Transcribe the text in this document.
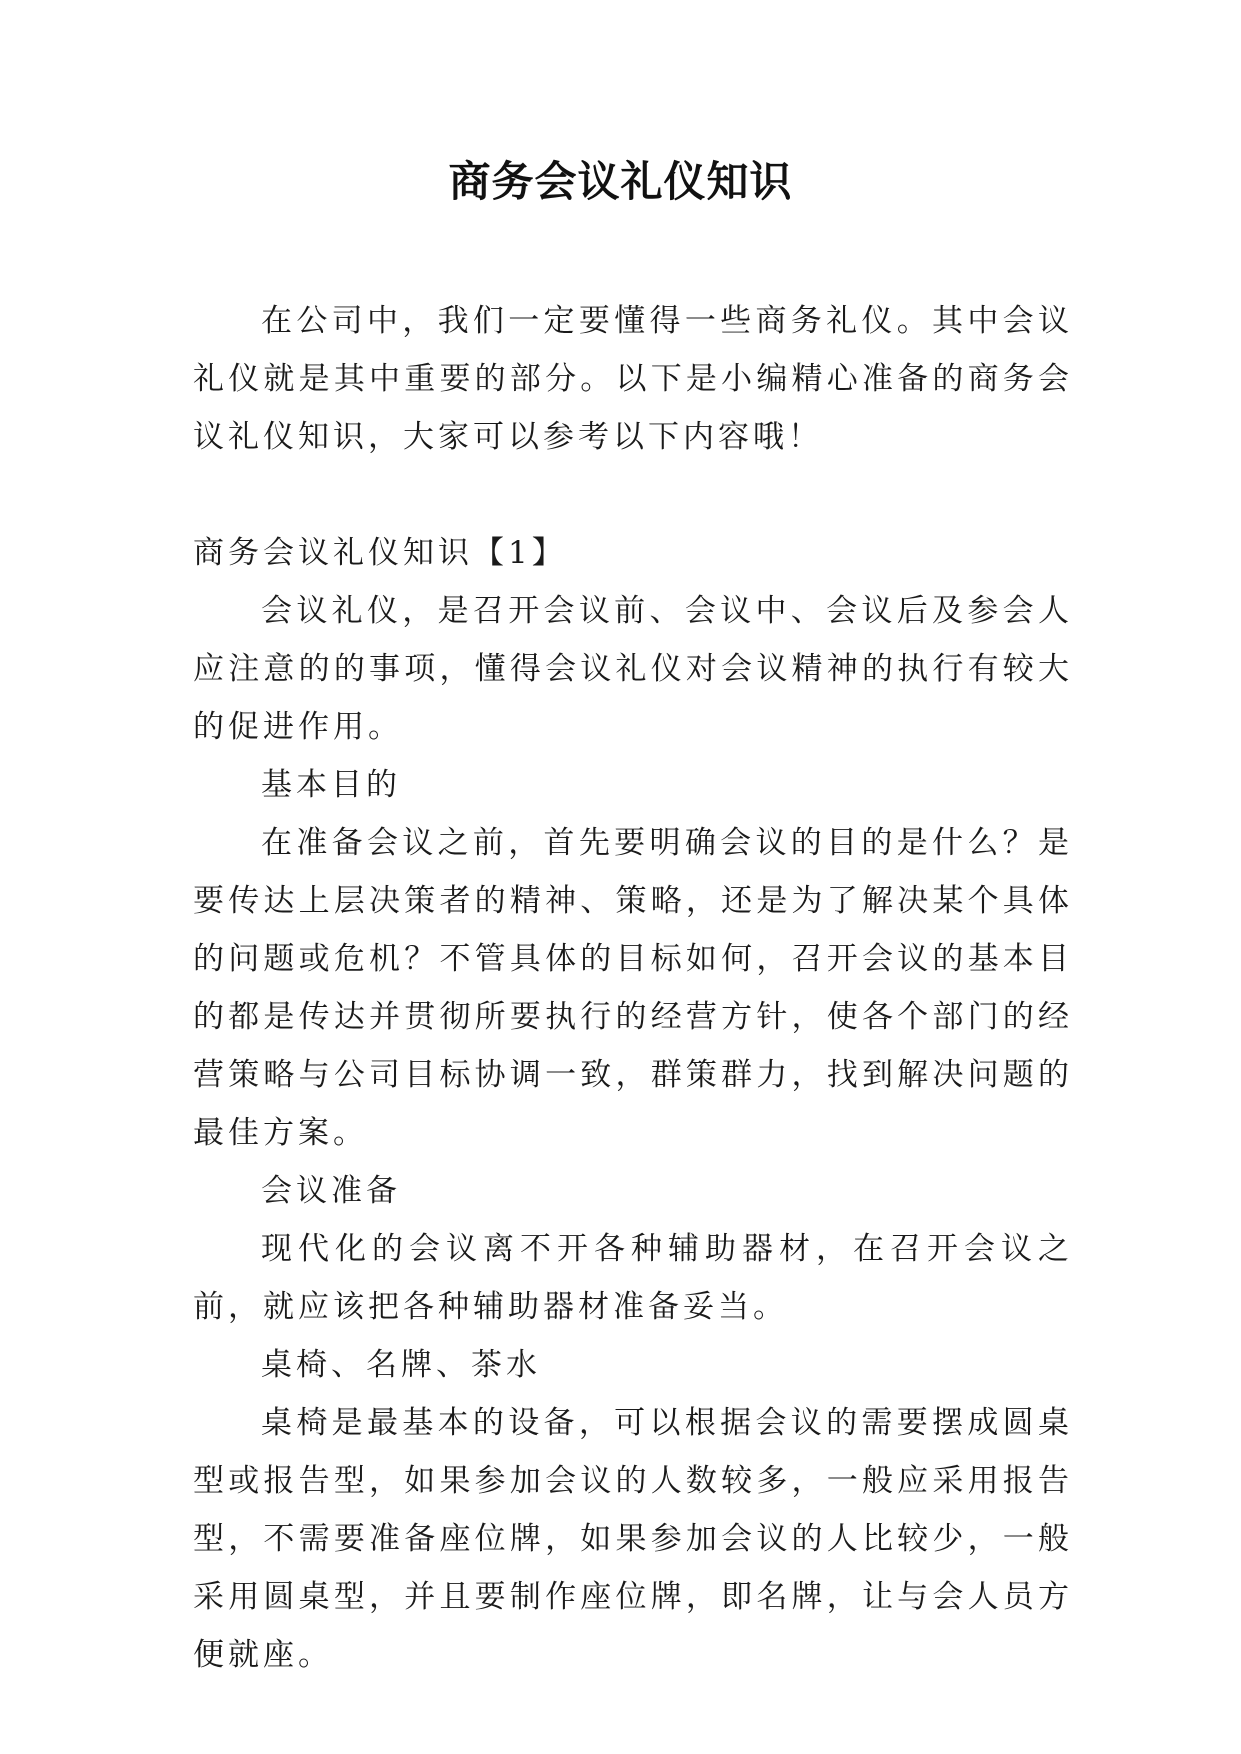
商务会议礼仪知识

在公司中，我们一定要懂得一些商务礼仪。其中会议礼仪就是其中重要的部分。以下是小编精心准备的商务会议礼仪知识，大家可以参考以下内容哦！

商务会议礼仪知识【1】

会议礼仪，是召开会议前、会议中、会议后及参会人应注意的的事项，懂得会议礼仪对会议精神的执行有较大的促进作用。

基本目的

在准备会议之前，首先要明确会议的目的是什么？是要传达上层决策者的精神、策略，还是为了解决某个具体的问题或危机？不管具体的目标如何，召开会议的基本目的都是传达并贯彻所要执行的经营方针，使各个部门的经营策略与公司目标协调一致，群策群力，找到解决问题的最佳方案。

会议准备

现代化的会议离不开各种辅助器材，在召开会议之前，就应该把各种辅助器材准备妥当。

桌椅、名牌、茶水

桌椅是最基本的设备，可以根据会议的需要摆成圆桌型或报告型，如果参加会议的人数较多，一般应采用报告型，不需要准备座位牌，如果参加会议的人比较少，一般采用圆桌型，并且要制作座位牌，即名牌，让与会人员方便就座。
